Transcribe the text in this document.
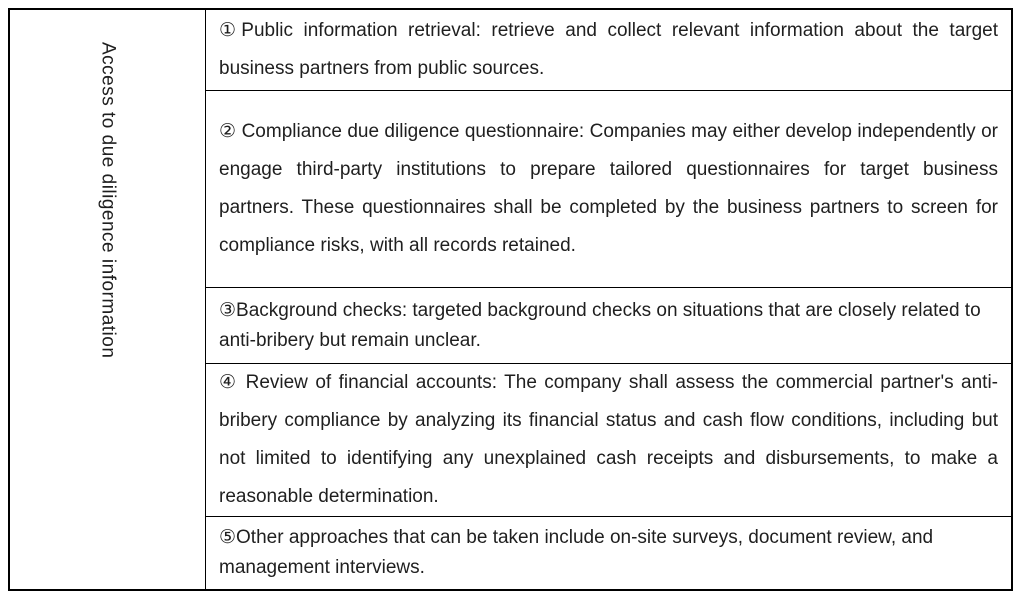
Access to due diligence information

①Public information retrieval: retrieve and collect relevant information about the target business partners from public sources.

② Compliance due diligence questionnaire: Companies may either develop independently or engage third-party institutions to prepare tailored questionnaires for target business partners. These questionnaires shall be completed by the business partners to screen for compliance risks, with all records retained.

③Background checks: targeted background checks on situations that are closely related to anti-bribery but remain unclear.

④ Review of financial accounts: The company shall assess the commercial partner's anti-bribery compliance by analyzing its financial status and cash flow conditions, including but not limited to identifying any unexplained cash receipts and disbursements, to make a reasonable determination.

⑤Other approaches that can be taken include on-site surveys, document review, and management interviews.
